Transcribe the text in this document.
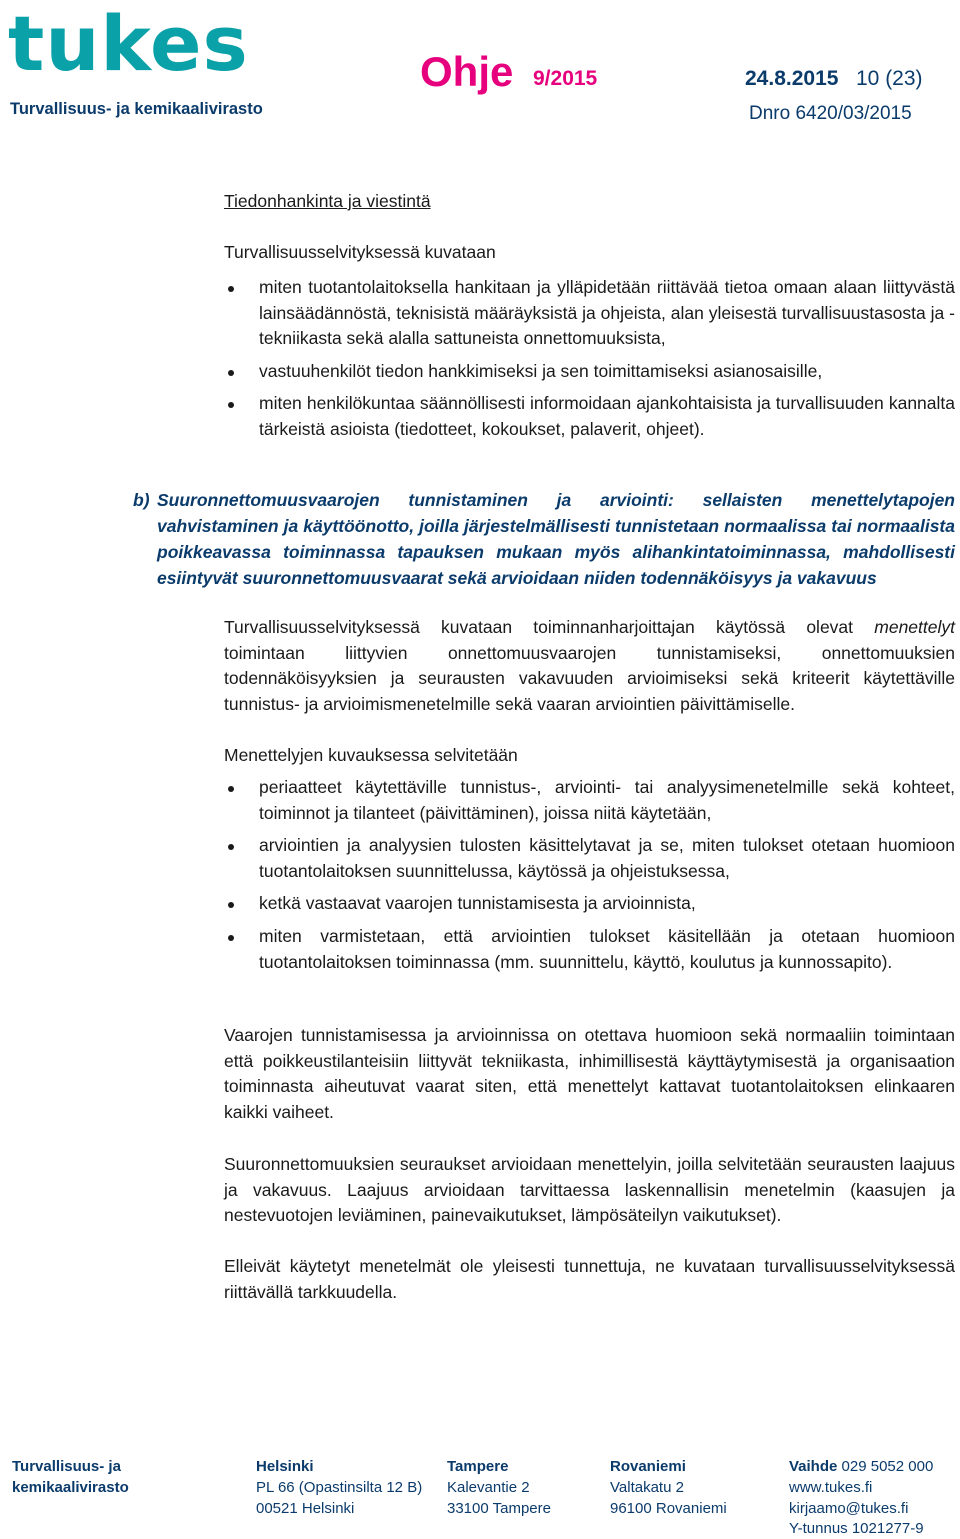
tukes
Turvallisuus- ja kemikaalivirasto
Ohje 9/2015	24.8.2015 10 (23)
Dnro 6420/03/2015
Tiedonhankinta ja viestintä
Turvallisuusselvityksessä kuvataan
miten tuotantolaitoksella hankitaan ja ylläpidetään riittävää tietoa omaan alaan liittyvästä lainsäädännöstä, teknisistä määräyksistä ja ohjeista, alan yleisestä turvallisuustasosta ja -tekniikasta sekä alalla sattuneista onnettomuuksista,
vastuuhenkilöt tiedon hankkimiseksi ja sen toimittamiseksi asianosaisille,
miten henkilökuntaa säännöllisesti informoidaan ajankohtaisista ja turvallisuuden kannalta tärkeistä asioista (tiedotteet, kokoukset, palaverit, ohjeet).
b) Suuronnettomuusvaarojen tunnistaminen ja arviointi: sellaisten menettelytapojen vahvistaminen ja käyttöönotto, joilla järjestelmällisesti tunnistetaan normaalissa tai normaalista poikkeavassa toiminnassa tapauksen mukaan myös alihankintatoiminnassa, mahdollisesti esiintyvät suuronnettomuusvaarat sekä arvioidaan niiden todennäköisyys ja vakavuus
Turvallisuusselvityksessä kuvataan toiminnanharjoittajan käytössä olevat menettelyt toimintaan liittyvien onnettomuusvaarojen tunnistamiseksi, onnettomuuksien todennäköisyyksien ja seurausten vakavuuden arvioimiseksi sekä kriteerit käytettäville tunnistus- ja arvioimismenetelmille sekä vaaran arviointien päivittämiselle.
Menettelyjen kuvauksessa selvitetään
periaatteet käytettäville tunnistus-, arviointi- tai analyysimenetelmille sekä kohteet, toiminnot ja tilanteet (päivittäminen), joissa niitä käytetään,
arviointien ja analyysien tulosten käsittelytavat ja se, miten tulokset otetaan huomioon tuotantolaitoksen suunnittelussa, käytössä ja ohjeistuksessa,
ketkä vastaavat vaarojen tunnistamisesta ja arvioinnista,
miten varmistetaan, että arviointien tulokset käsitellään ja otetaan huomioon tuotantolaitoksen toiminnassa (mm. suunnittelu, käyttö, koulutus ja kunnossapito).
Vaarojen tunnistamisessa ja arvioinnissa on otettava huomioon sekä normaaliin toimintaan että poikkeustilanteisiin liittyvät tekniikasta, inhimillisestä käyttäytymisestä ja organisaation toiminnasta aiheutuvat vaarat siten, että menettelyt kattavat tuotantolaitoksen elinkaaren kaikki vaiheet.
Suuronnettomuuksien seuraukset arvioidaan menettelyin, joilla selvitetään seurausten laajuus ja vakavuus. Laajuus arvioidaan tarvittaessa laskennallisin menetelmin (kaasujen ja nestevuotojen leviäminen, painevaikutukset, lämpösäteilyn vaikutukset).
Elleivät käytetyt menetelmät ole yleisesti tunnettuja, ne kuvataan turvallisuusselvityksessä riittävällä tarkkuudella.
Turvallisuus- ja
kemikaalivirasto
Helsinki
PL 66 (Opastinsilta 12 B)
00521 Helsinki
Tampere
Kalevantie 2
33100 Tampere
Rovaniemi
Valtakatu 2
96100 Rovaniemi
Vaihde 029 5052 000
www.tukes.fi
kirjaamo@tukes.fi
Y-tunnus 1021277-9
